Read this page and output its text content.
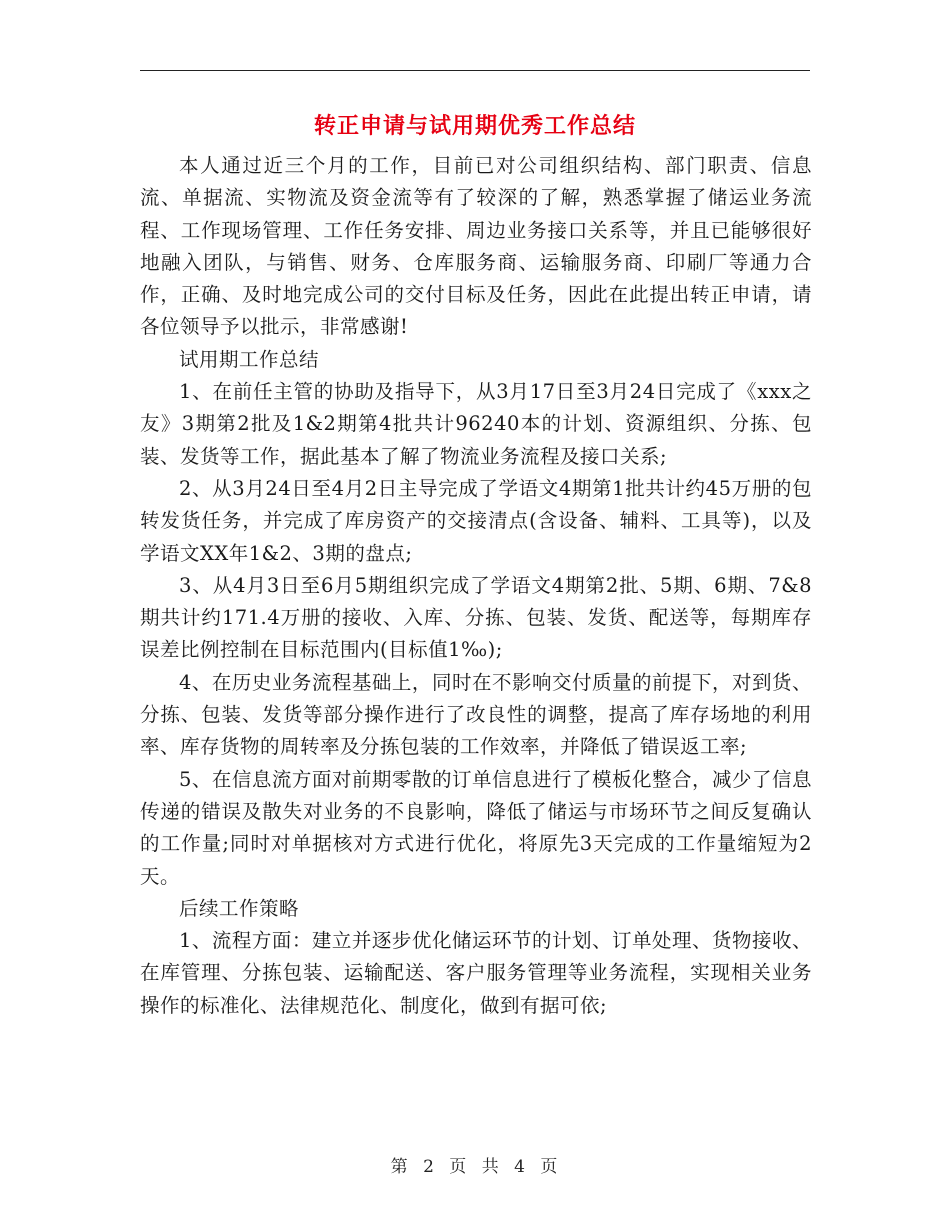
转正申请与试用期优秀工作总结

本人通过近三个月的工作，目前已对公司组织结构、部门职责、信息流、单据流、实物流及资金流等有了较深的了解，熟悉掌握了储运业务流程、工作现场管理、工作任务安排、周边业务接口关系等，并且已能够很好地融入团队，与销售、财务、仓库服务商、运输服务商、印刷厂等通力合作，正确、及时地完成公司的交付目标及任务，因此在此提出转正申请，请各位领导予以批示，非常感谢!

试用期工作总结

1、在前任主管的协助及指导下，从3月17日至3月24日完成了《xxx之友》3期第2批及1&2期第4批共计96240本的计划、资源组织、分拣、包装、发货等工作，据此基本了解了物流业务流程及接口关系;

2、从3月24日至4月2日主导完成了学语文4期第1批共计约45万册的包转发货任务，并完成了库房资产的交接清点(含设备、辅料、工具等)，以及学语文XX年1&2、3期的盘点;

3、从4月3日至6月5期组织完成了学语文4期第2批、5期、6期、7&8期共计约171.4万册的接收、入库、分拣、包装、发货、配送等，每期库存误差比例控制在目标范围内(目标值1‰);

4、在历史业务流程基础上，同时在不影响交付质量的前提下，对到货、分拣、包装、发货等部分操作进行了改良性的调整，提高了库存场地的利用率、库存货物的周转率及分拣包装的工作效率，并降低了错误返工率;

5、在信息流方面对前期零散的订单信息进行了模板化整合，减少了信息传递的错误及散失对业务的不良影响，降低了储运与市场环节之间反复确认的工作量;同时对单据核对方式进行优化，将原先3天完成的工作量缩短为2天。

后续工作策略

1、流程方面：建立并逐步优化储运环节的计划、订单处理、货物接收、在库管理、分拣包装、运输配送、客户服务管理等业务流程，实现相关业务操作的标准化、法律规范化、制度化，做到有据可依;

第 2 页 共 4 页
